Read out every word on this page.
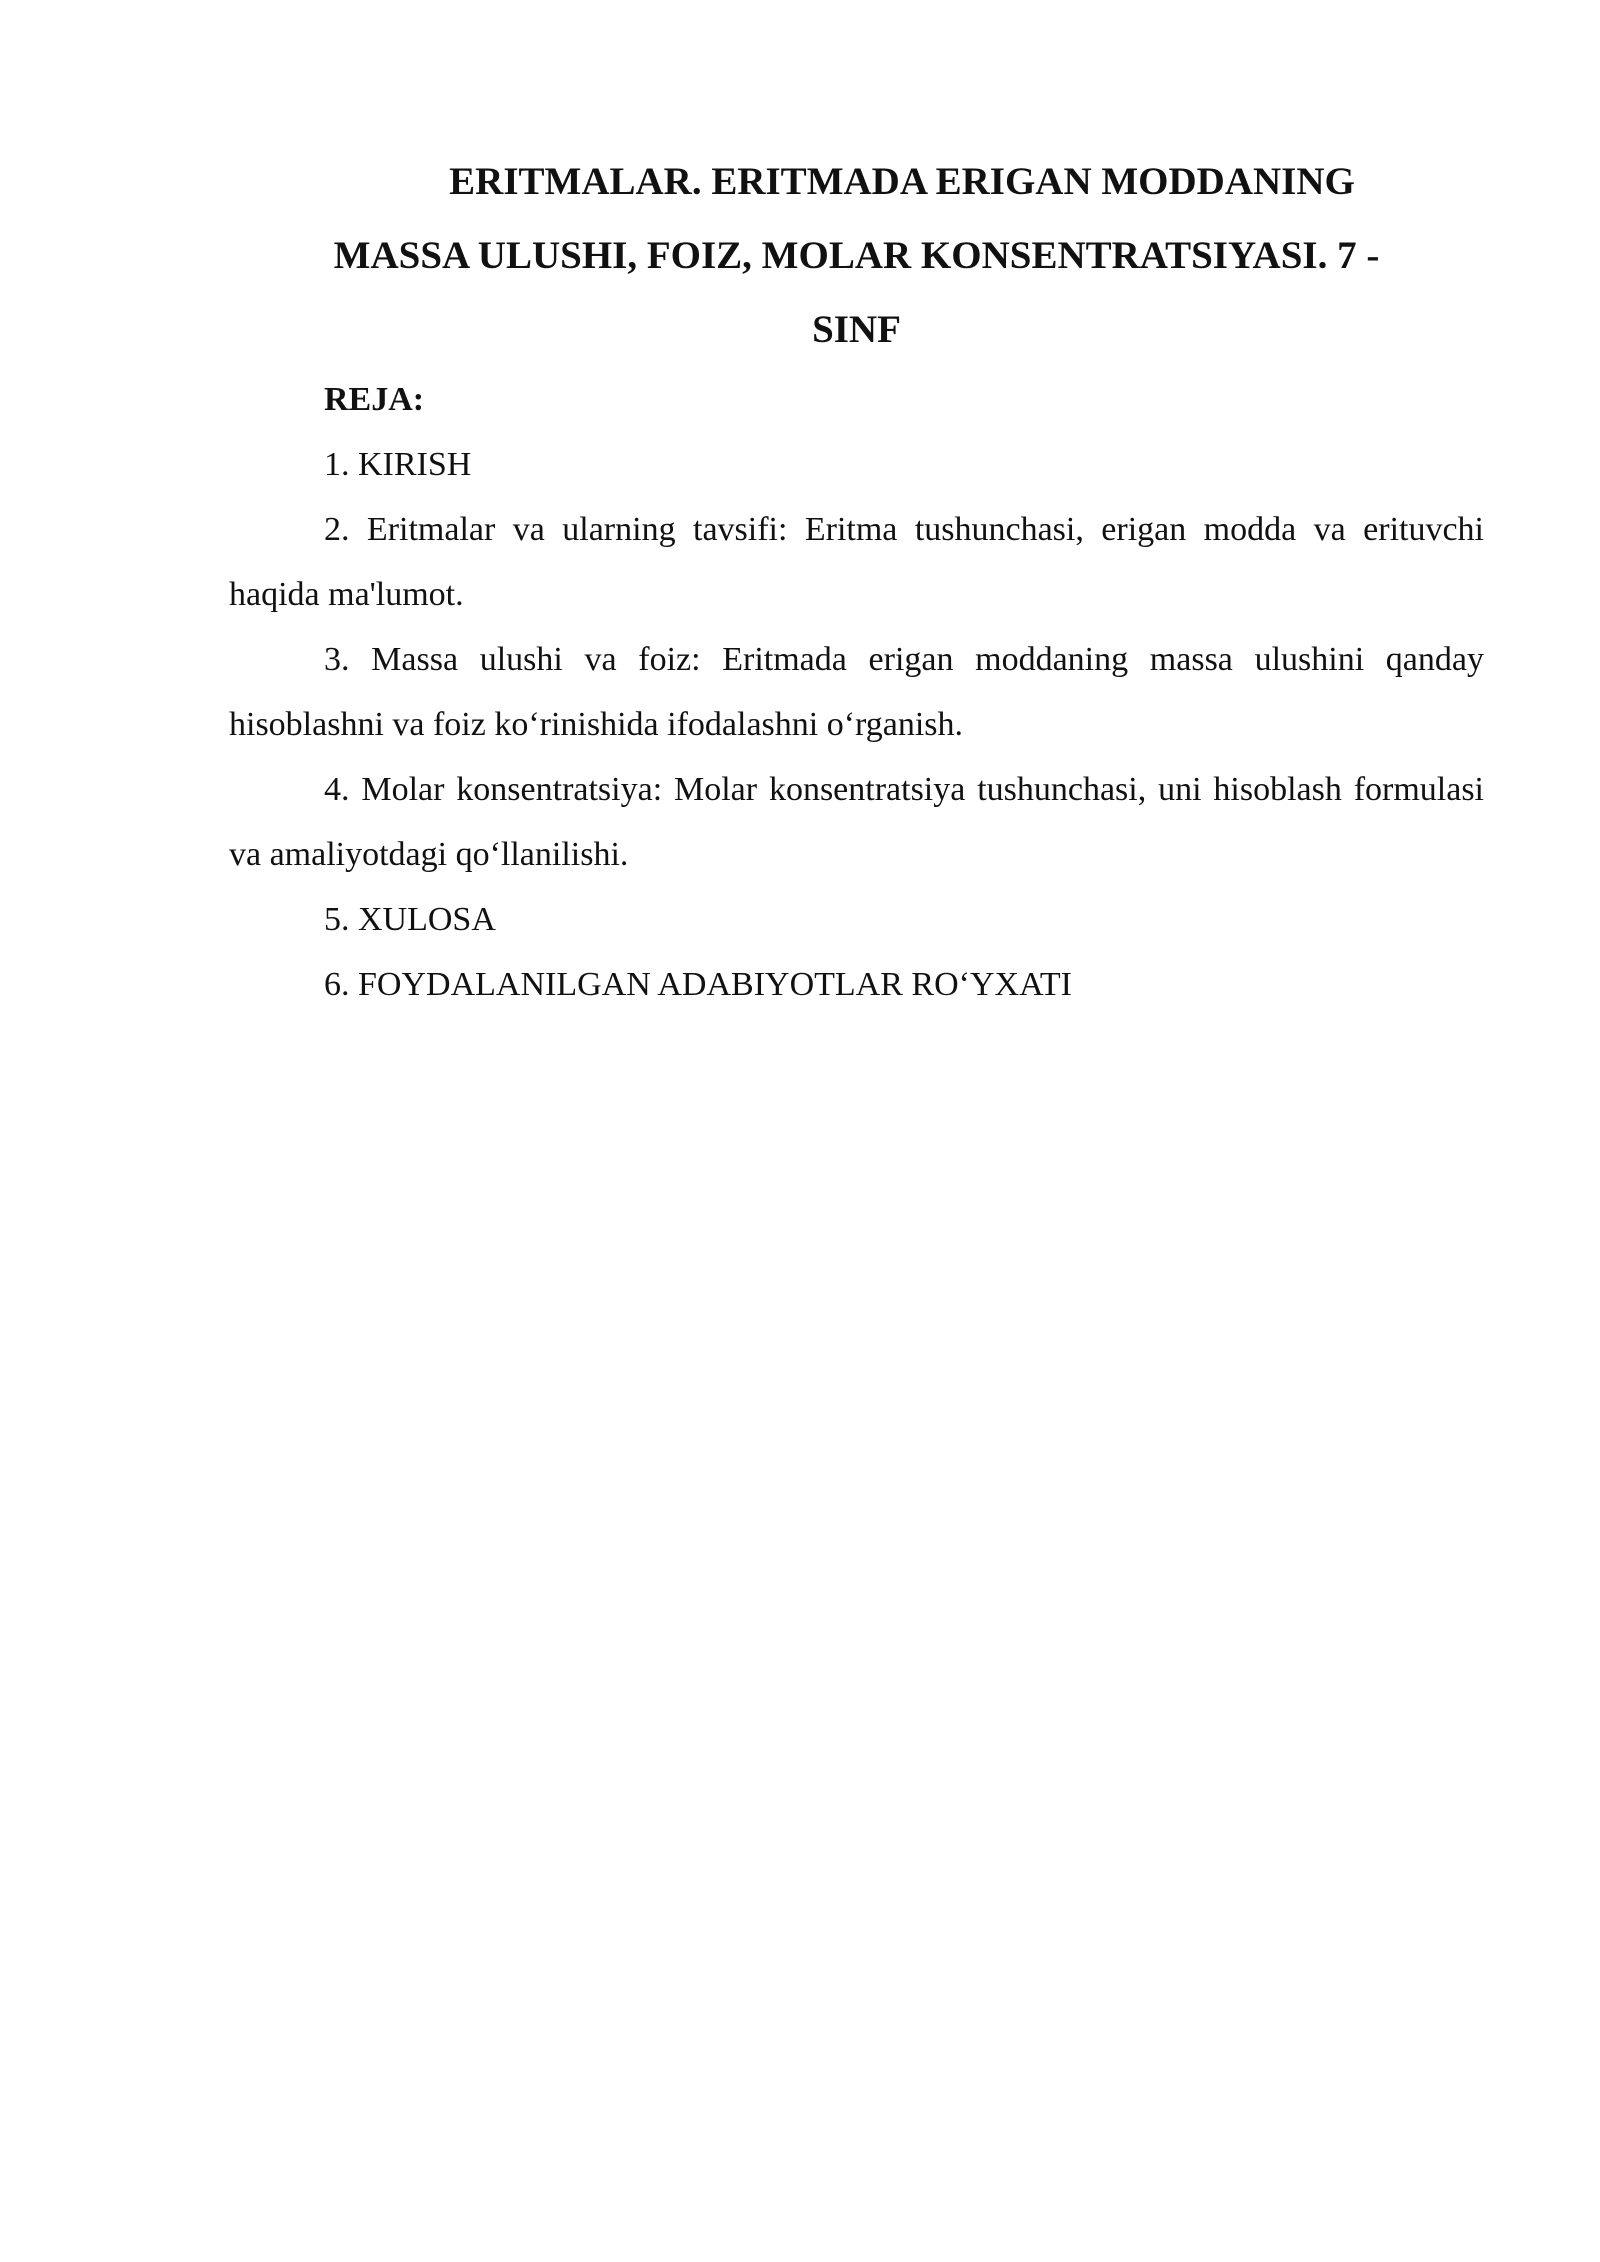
ERITMALAR. ERITMADA ERIGAN MODDANING
MASSA ULUSHI, FOIZ, MOLAR KONSENTRATSIYASI. 7 -
SINF

REJA:

1. KIRISH

2. Eritmalar va ularning tavsifi: Eritma tushunchasi, erigan modda va erituvchi haqida ma'lumot.

3. Massa ulushi va foiz: Eritmada erigan moddaning massa ulushini qanday hisoblashni va foiz ko‘rinishida ifodalashni o‘rganish.

4. Molar konsentratsiya: Molar konsentratsiya tushunchasi, uni hisoblash formulasi va amaliyotdagi qo‘llanilishi.

5. XULOSA

6. FOYDALANILGAN ADABIYOTLAR RO‘YXATI
